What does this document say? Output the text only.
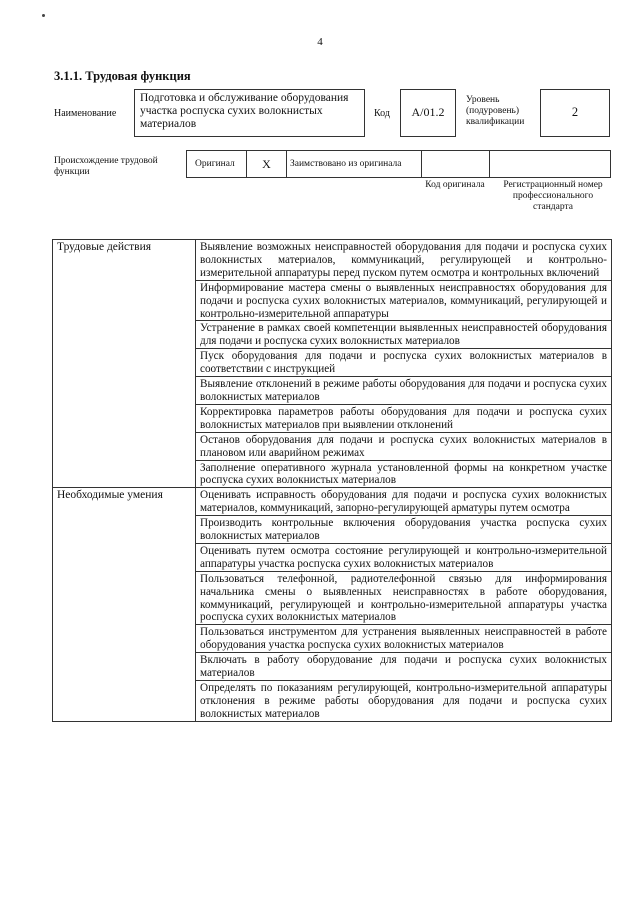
4
3.1.1. Трудовая функция
Наименование
Подготовка и обслуживание оборудования участка роспуска сухих волокнистых материалов
Код	А/01.2
Уровень (подуровень) квалификации
2
Происхождение трудовой функции
Оригинал	X	Заимствовано из оригинала
Код оригинала	Регистрационный номер профессионального стандарта
Трудовые действия	Выявление возможных неисправностей оборудования для подачи и роспуска сухих волокнистых материалов, коммуникаций, регулирующей и контрольно-измерительной аппаратуры перед пуском путем осмотра и контрольных включений
	Информирование мастера смены о выявленных неисправностях оборудования для подачи и роспуска сухих волокнистых материалов, коммуникаций, регулирующей и контрольно-измерительной аппаратуры
	Устранение в рамках своей компетенции выявленных неисправностей оборудования для подачи и роспуска сухих волокнистых материалов
	Пуск оборудования для подачи и роспуска сухих волокнистых материалов в соответствии с инструкцией
	Выявление отклонений в режиме работы оборудования для подачи и роспуска сухих волокнистых материалов
	Корректировка параметров работы оборудования для подачи и роспуска сухих волокнистых материалов при выявлении отклонений
	Останов оборудования для подачи и роспуска сухих волокнистых материалов в плановом или аварийном режимах
	Заполнение оперативного журнала установленной формы на конкретном участке роспуска сухих волокнистых материалов
Необходимые умения	Оценивать исправность оборудования для подачи и роспуска сухих волокнистых материалов, коммуникаций, запорно-регулирующей арматуры путем осмотра
	Производить контрольные включения оборудования участка роспуска сухих волокнистых материалов
	Оценивать путем осмотра состояние регулирующей и контрольно-измерительной аппаратуры участка роспуска сухих волокнистых материалов
	Пользоваться телефонной, радиотелефонной связью для информирования начальника смены о выявленных неисправностях в работе оборудования, коммуникаций, регулирующей и контрольно-измерительной аппаратуры участка роспуска сухих волокнистых материалов
	Пользоваться инструментом для устранения выявленных неисправностей в работе оборудования участка роспуска сухих волокнистых материалов
	Включать в работу оборудование для подачи и роспуска сухих волокнистых материалов
	Определять по показаниям регулирующей, контрольно-измерительной аппаратуры отклонения в режиме работы оборудования для подачи и роспуска сухих волокнистых материалов
